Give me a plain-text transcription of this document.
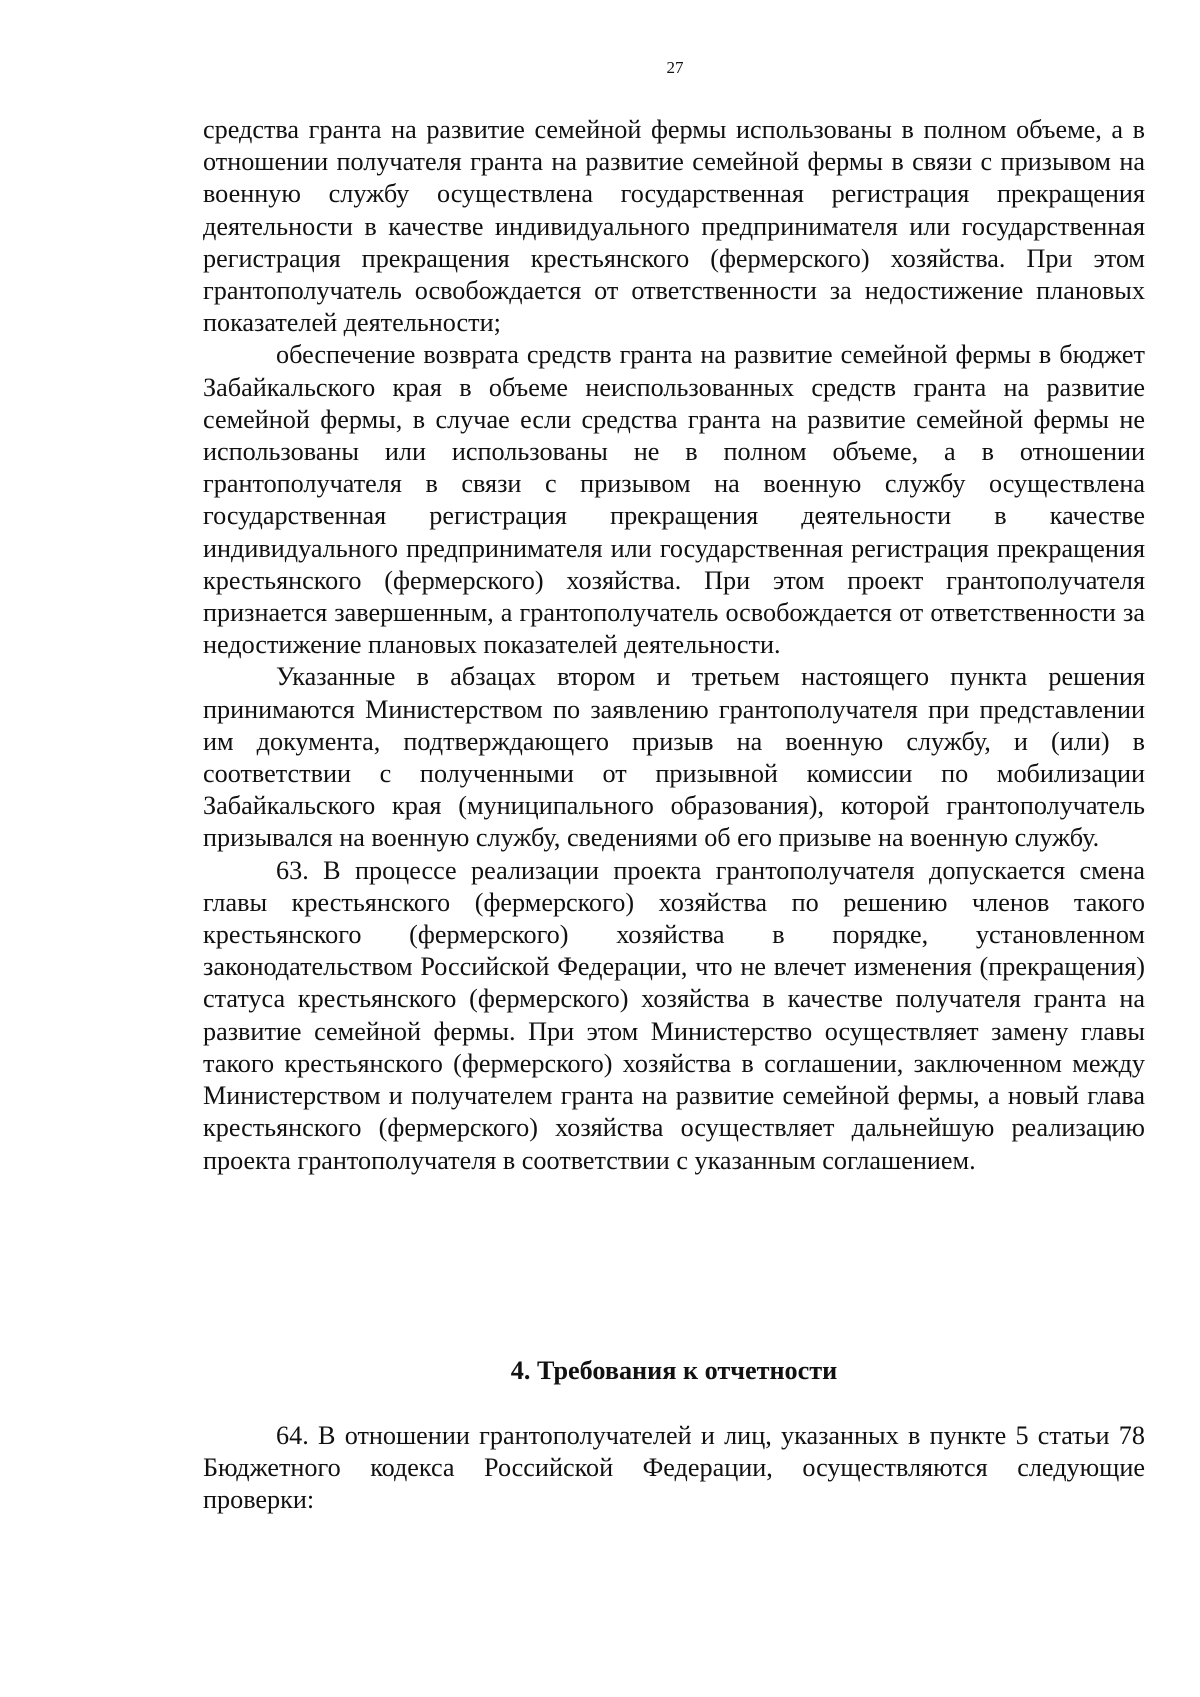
27

средства гранта на развитие семейной фермы использованы в полном объеме, а в отношении получателя гранта на развитие семейной фермы в связи с призывом на военную службу осуществлена государственная регистрация прекращения деятельности в качестве индивидуального предпринимателя или государственная регистрация прекращения крестьянского (фермерского) хозяйства. При этом грантополучатель освобождается от ответственности за недостижение плановых показателей деятельности;

обеспечение возврата средств гранта на развитие семейной фермы в бюджет Забайкальского края в объеме неиспользованных средств гранта на развитие семейной фермы, в случае если средства гранта на развитие семейной фермы не использованы или использованы не в полном объеме, а в отношении грантополучателя в связи с призывом на военную службу осуществлена государственная регистрация прекращения деятельности в качестве индивидуального предпринимателя или государственная регистрация прекращения крестьянского (фермерского) хозяйства. При этом проект грантополучателя признается завершенным, а грантополучатель освобождается от ответственности за недостижение плановых показателей деятельности.

Указанные в абзацах втором и третьем настоящего пункта решения принимаются Министерством по заявлению грантополучателя при представлении им документа, подтверждающего призыв на военную службу, и (или) в соответствии с полученными от призывной комиссии по мобилизации Забайкальского края (муниципального образования), которой грантополучатель призывался на военную службу, сведениями об его призыве на военную службу.

63. В процессе реализации проекта грантополучателя допускается смена главы крестьянского (фермерского) хозяйства по решению членов такого крестьянского (фермерского) хозяйства в порядке, установленном законодательством Российской Федерации, что не влечет изменения (прекращения) статуса крестьянского (фермерского) хозяйства в качестве получателя гранта на развитие семейной фермы. При этом Министерство осуществляет замену главы такого крестьянского (фермерского) хозяйства в соглашении, заключенном между Министерством и получателем гранта на развитие семейной фермы, а новый глава крестьянского (фермерского) хозяйства осуществляет дальнейшую реализацию проекта грантополучателя в соответствии с указанным соглашением.

4. Требования к отчетности

64. В отношении грантополучателей и лиц, указанных в пункте 5 статьи 78 Бюджетного кодекса Российской Федерации, осуществляются следующие проверки:
